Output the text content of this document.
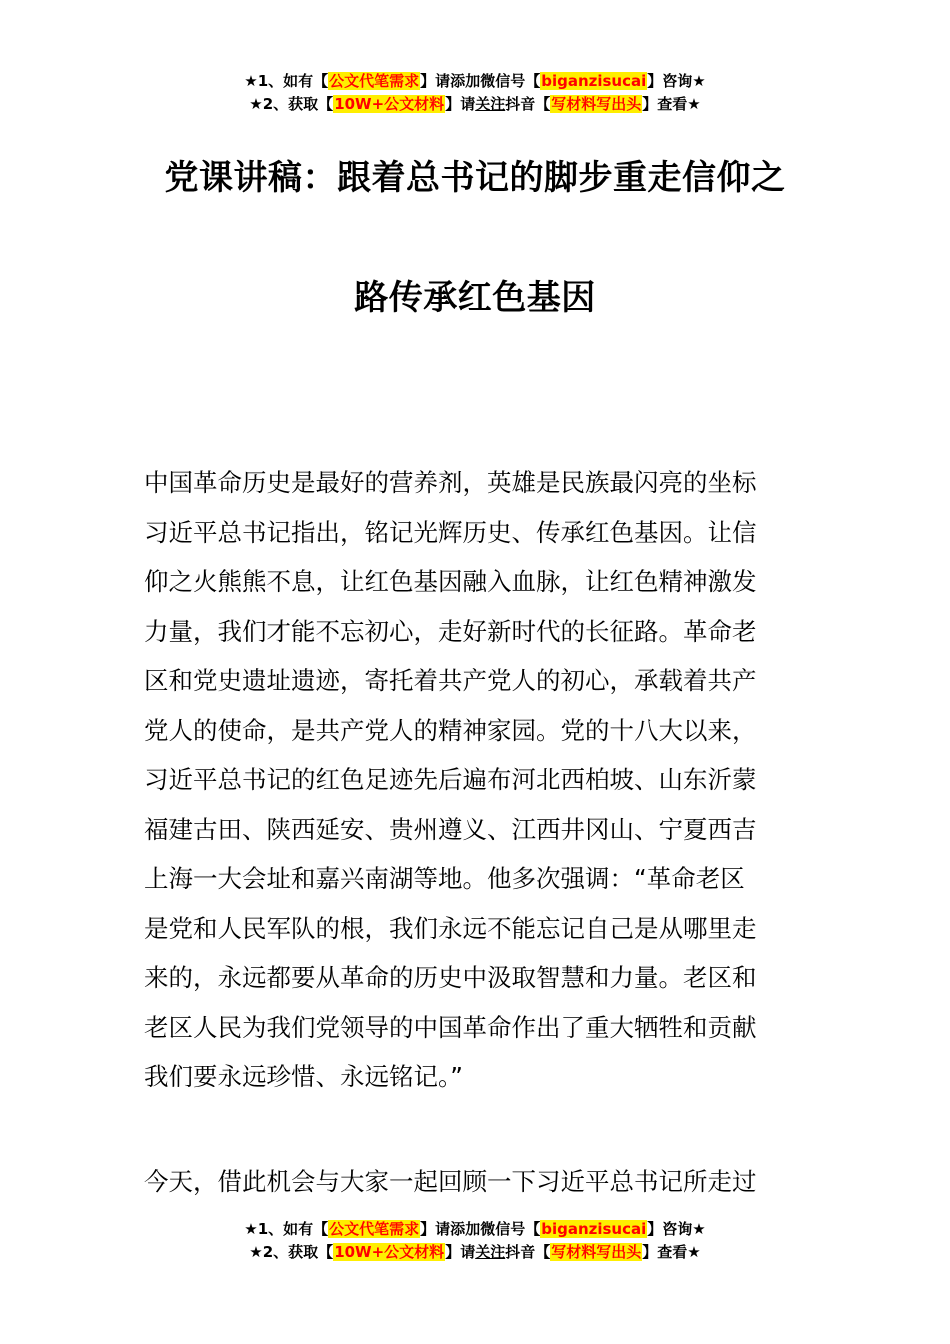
★1、如有【公文代笔需求】请添加微信号【biganzisucai】咨询★
★2、获取【10W+公文材料】请关注抖音【写材料写出头】查看★
党课讲稿：跟着总书记的脚步重走信仰之
路传承红色基因
中国革命历史是最好的营养剂，英雄是民族最闪亮的坐标
习近平总书记指出，铭记光辉历史、传承红色基因。让信
仰之火熊熊不息，让红色基因融入血脉，让红色精神激发
力量，我们才能不忘初心，走好新时代的长征路。革命老
区和党史遗址遗迹，寄托着共产党人的初心，承载着共产
党人的使命，是共产党人的精神家园。党的十八大以来，
习近平总书记的红色足迹先后遍布河北西柏坡、山东沂蒙
福建古田、陕西延安、贵州遵义、江西井冈山、宁夏西吉
上海一大会址和嘉兴南湖等地。他多次强调：“革命老区
是党和人民军队的根，我们永远不能忘记自己是从哪里走
来的，永远都要从革命的历史中汲取智慧和力量。老区和
老区人民为我们党领导的中国革命作出了重大牺牲和贡献
我们要永远珍惜、永远铭记。”
今天，借此机会与大家一起回顾一下习近平总书记所走过
★1、如有【公文代笔需求】请添加微信号【biganzisucai】咨询★
★2、获取【10W+公文材料】请关注抖音【写材料写出头】查看★
